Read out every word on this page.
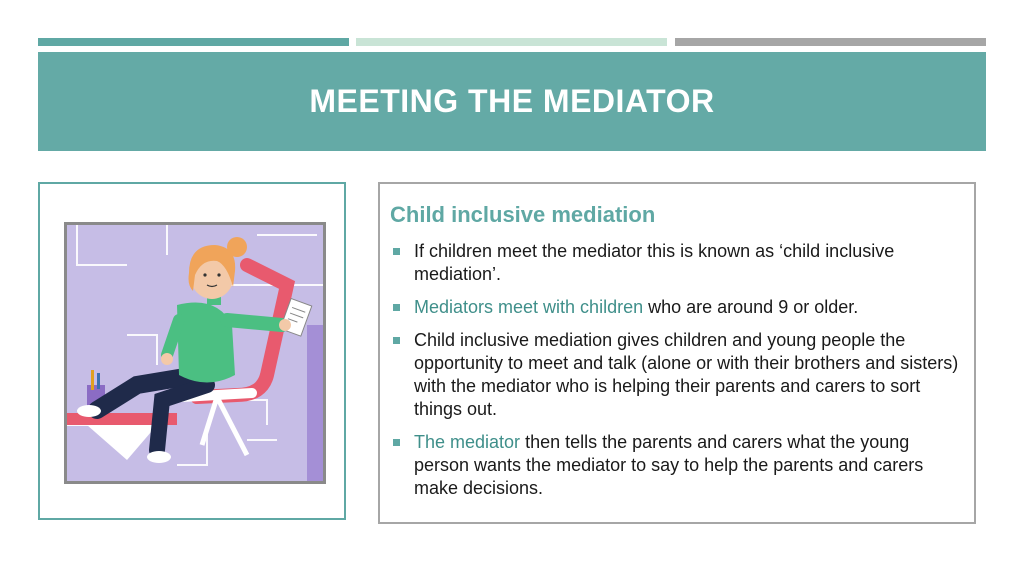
MEETING THE MEDIATOR
Child inclusive mediation
If children meet the mediator this is known as ‘child inclusive mediation’.
Mediators meet with children who are around 9 or older.
Child inclusive mediation gives children and young people the opportunity to meet and talk (alone or with their brothers and sisters) with the mediator who is helping their parents and carers to sort things out.
The mediator then tells the parents and carers what the young person wants the mediator to say to help the parents and carers make decisions.
